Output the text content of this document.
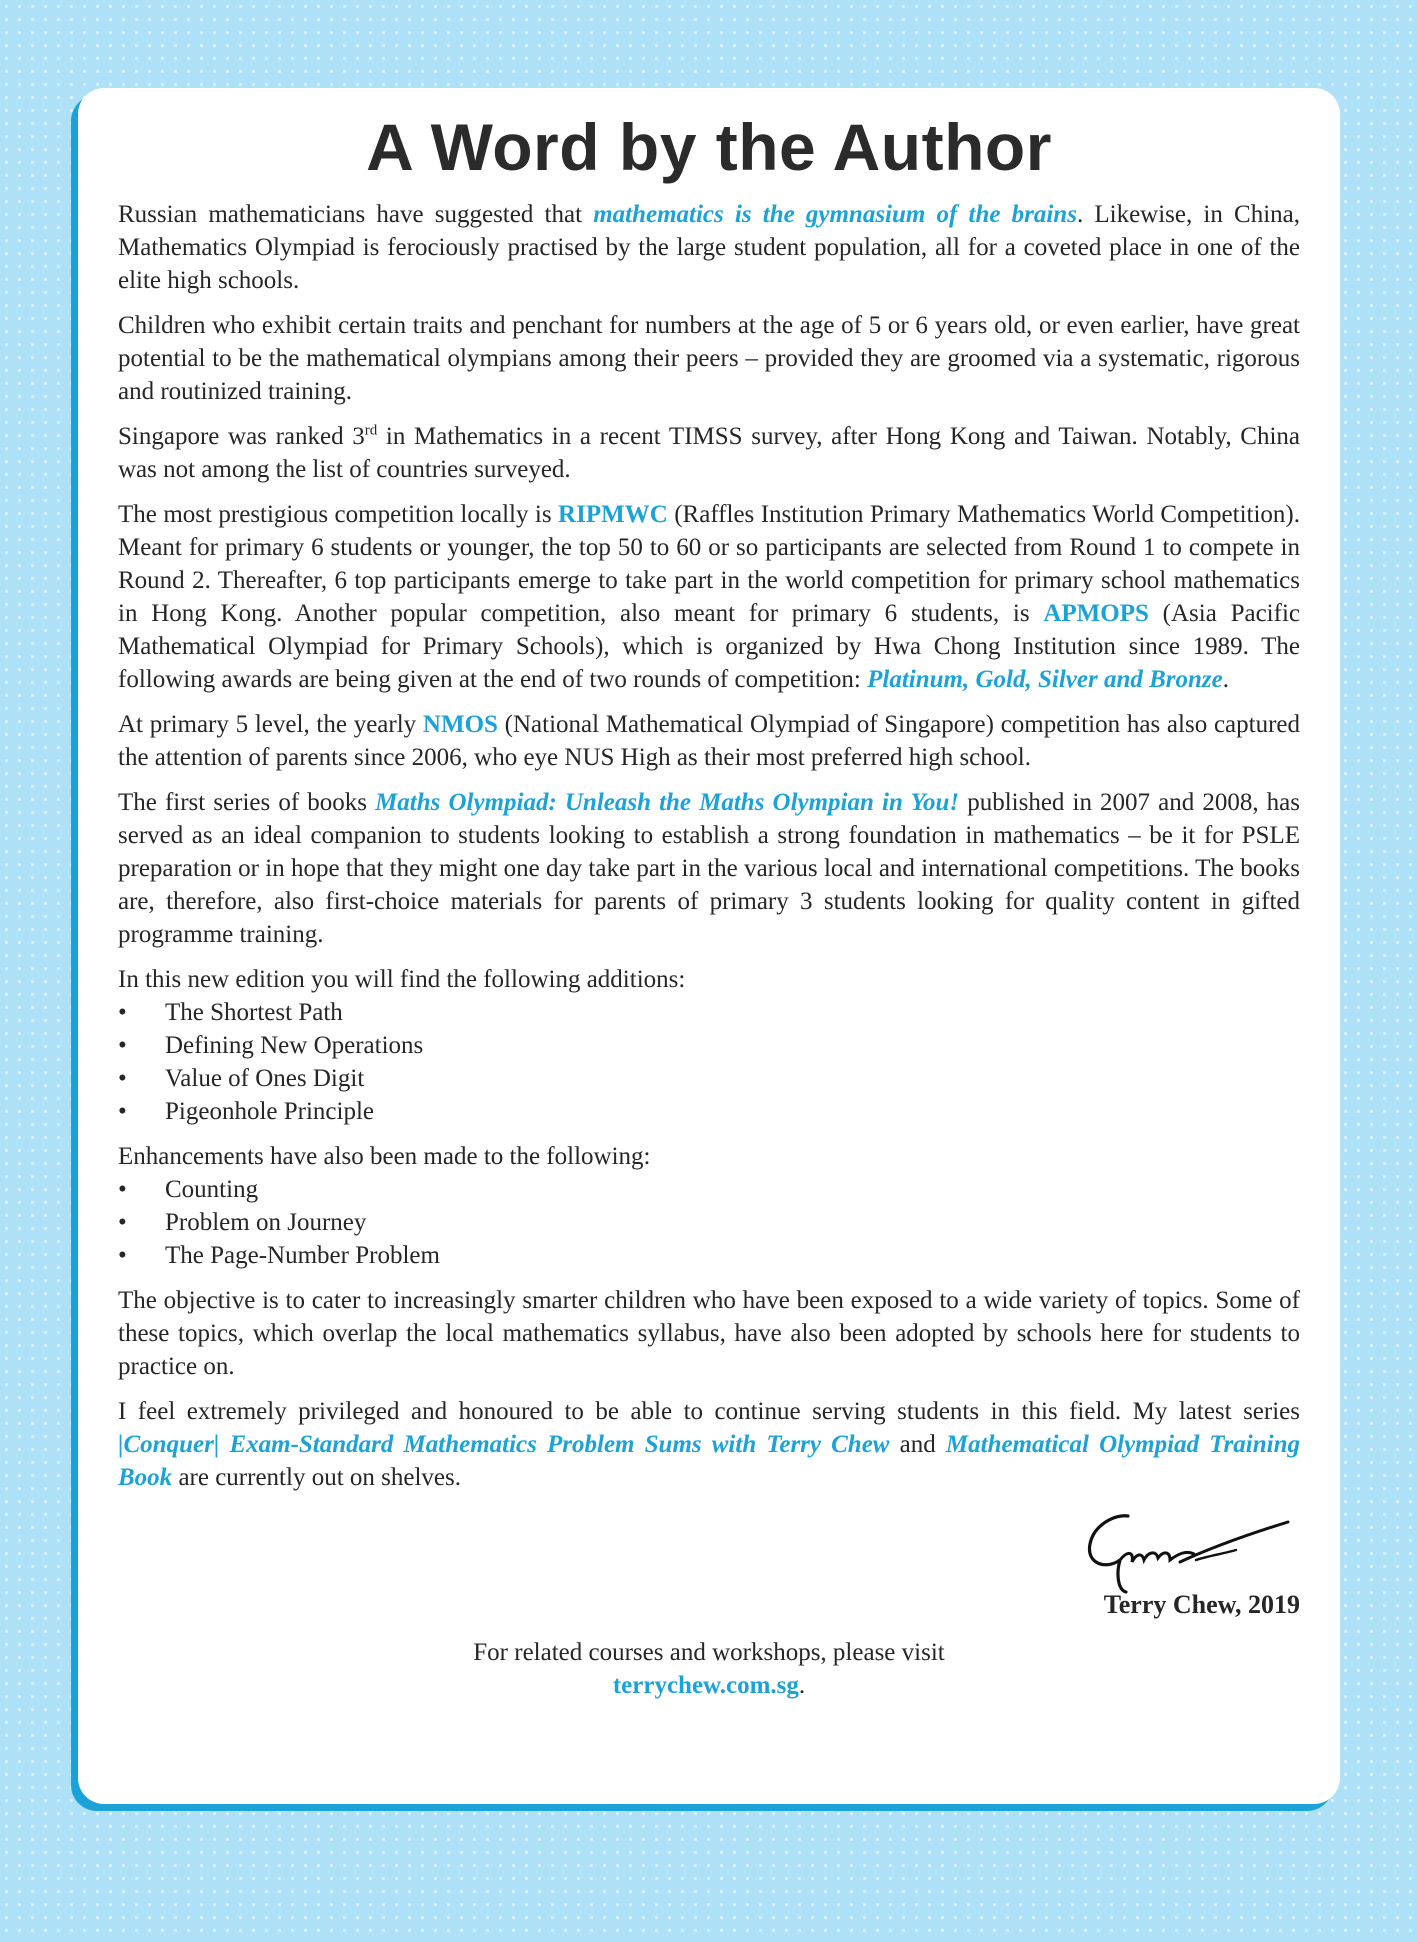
A Word by the Author

Russian mathematicians have suggested that mathematics is the gymnasium of the brains. Likewise, in China, Mathematics Olympiad is ferociously practised by the large student population, all for a coveted place in one of the elite high schools.

Children who exhibit certain traits and penchant for numbers at the age of 5 or 6 years old, or even earlier, have great potential to be the mathematical olympians among their peers – provided they are groomed via a systematic, rigorous and routinized training.

Singapore was ranked 3rd in Mathematics in a recent TIMSS survey, after Hong Kong and Taiwan. Notably, China was not among the list of countries surveyed.

The most prestigious competition locally is RIPMWC (Raffles Institution Primary Mathematics World Competition). Meant for primary 6 students or younger, the top 50 to 60 or so participants are selected from Round 1 to compete in Round 2. Thereafter, 6 top participants emerge to take part in the world competition for primary school mathematics in Hong Kong. Another popular competition, also meant for primary 6 students, is APMOPS (Asia Pacific Mathematical Olympiad for Primary Schools), which is organized by Hwa Chong Institution since 1989. The following awards are being given at the end of two rounds of competition: Platinum, Gold, Silver and Bronze.

At primary 5 level, the yearly NMOS (National Mathematical Olympiad of Singapore) competition has also captured the attention of parents since 2006, who eye NUS High as their most preferred high school.

The first series of books Maths Olympiad: Unleash the Maths Olympian in You! published in 2007 and 2008, has served as an ideal companion to students looking to establish a strong foundation in mathematics – be it for PSLE preparation or in hope that they might one day take part in the various local and international competitions. The books are, therefore, also first-choice materials for parents of primary 3 students looking for quality content in gifted programme training.

In this new edition you will find the following additions:

• The Shortest Path
• Defining New Operations
• Value of Ones Digit
• Pigeonhole Principle

Enhancements have also been made to the following:

• Counting
• Problem on Journey
• The Page-Number Problem

The objective is to cater to increasingly smarter children who have been exposed to a wide variety of topics. Some of these topics, which overlap the local mathematics syllabus, have also been adopted by schools here for students to practice on.

I feel extremely privileged and honoured to be able to continue serving students in this field. My latest series |Conquer| Exam-Standard Mathematics Problem Sums with Terry Chew and Mathematical Olympiad Training Book are currently out on shelves.

Terry Chew, 2019
For related courses and workshops, please visit
terrychew.com.sg.
